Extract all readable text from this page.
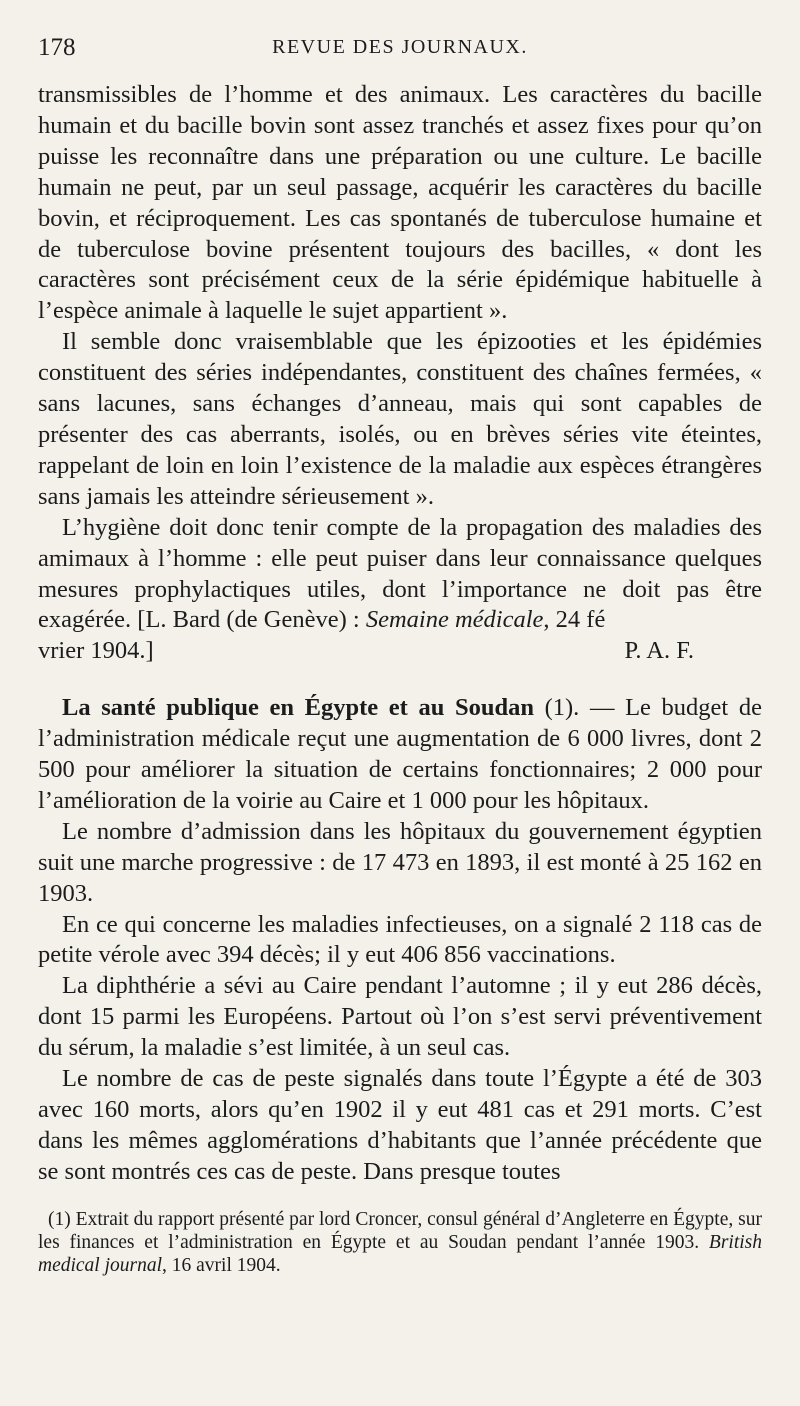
178	REVUE DES JOURNAUX.

transmissibles de l’homme et des animaux. Les caractères du bacille humain et du bacille bovin sont assez tranchés et assez fixes pour qu’on puisse les reconnaître dans une préparation ou une culture. Le bacille humain ne peut, par un seul passage, acquérir les caractères du bacille bovin, et réciproquement. Les cas spontanés de tuberculose humaine et de tuberculose bovine présentent toujours des bacilles, « dont les caractères sont précisément ceux de la série épidémique habituelle à l’espèce animale à laquelle le sujet appartient ».

Il semble donc vraisemblable que les épizooties et les épidémies constituent des séries indépendantes, constituent des chaînes fermées, « sans lacunes, sans échanges d’anneau, mais qui sont capables de présenter des cas aberrants, isolés, ou en brèves séries vite éteintes, rappelant de loin en loin l’existence de la maladie aux espèces étrangères sans jamais les atteindre sérieusement ».

L’hygiène doit donc tenir compte de la propagation des maladies des amimaux à l’homme : elle peut puiser dans leur connaissance quelques mesures prophylactiques utiles, dont l’importance ne doit pas être exagérée. [L. Bard (de Genève) : Semaine médicale, 24 fé

vrier 1904.]	P. A. F.

La santé publique en Égypte et au Soudan (1). — Le budget de l’administration médicale reçut une augmentation de 6 000 livres, dont 2 500 pour améliorer la situation de certains fonctionnaires; 2 000 pour l’amélioration de la voirie au Caire et 1 000 pour les hôpitaux.

Le nombre d’admission dans les hôpitaux du gouvernement égyptien suit une marche progressive : de 17 473 en 1893, il est monté à 25 162 en 1903.

En ce qui concerne les maladies infectieuses, on a signalé 2 118 cas de petite vérole avec 394 décès; il y eut 406 856 vaccinations.

La diphthérie a sévi au Caire pendant l’automne ; il y eut 286 décès, dont 15 parmi les Européens. Partout où l’on s’est servi préventivement du sérum, la maladie s’est limitée, à un seul cas.

Le nombre de cas de peste signalés dans toute l’Égypte a été de 303 avec 160 morts, alors qu’en 1902 il y eut 481 cas et 291 morts. C’est dans les mêmes agglomérations d’habitants que l’année précédente que se sont montrés ces cas de peste. Dans presque toutes

(1) Extrait du rapport présenté par lord Croncer, consul général d’Angleterre en Égypte, sur les finances et l’administration en Égypte et au Soudan pendant l’année 1903. British medical journal, 16 avril 1904.
